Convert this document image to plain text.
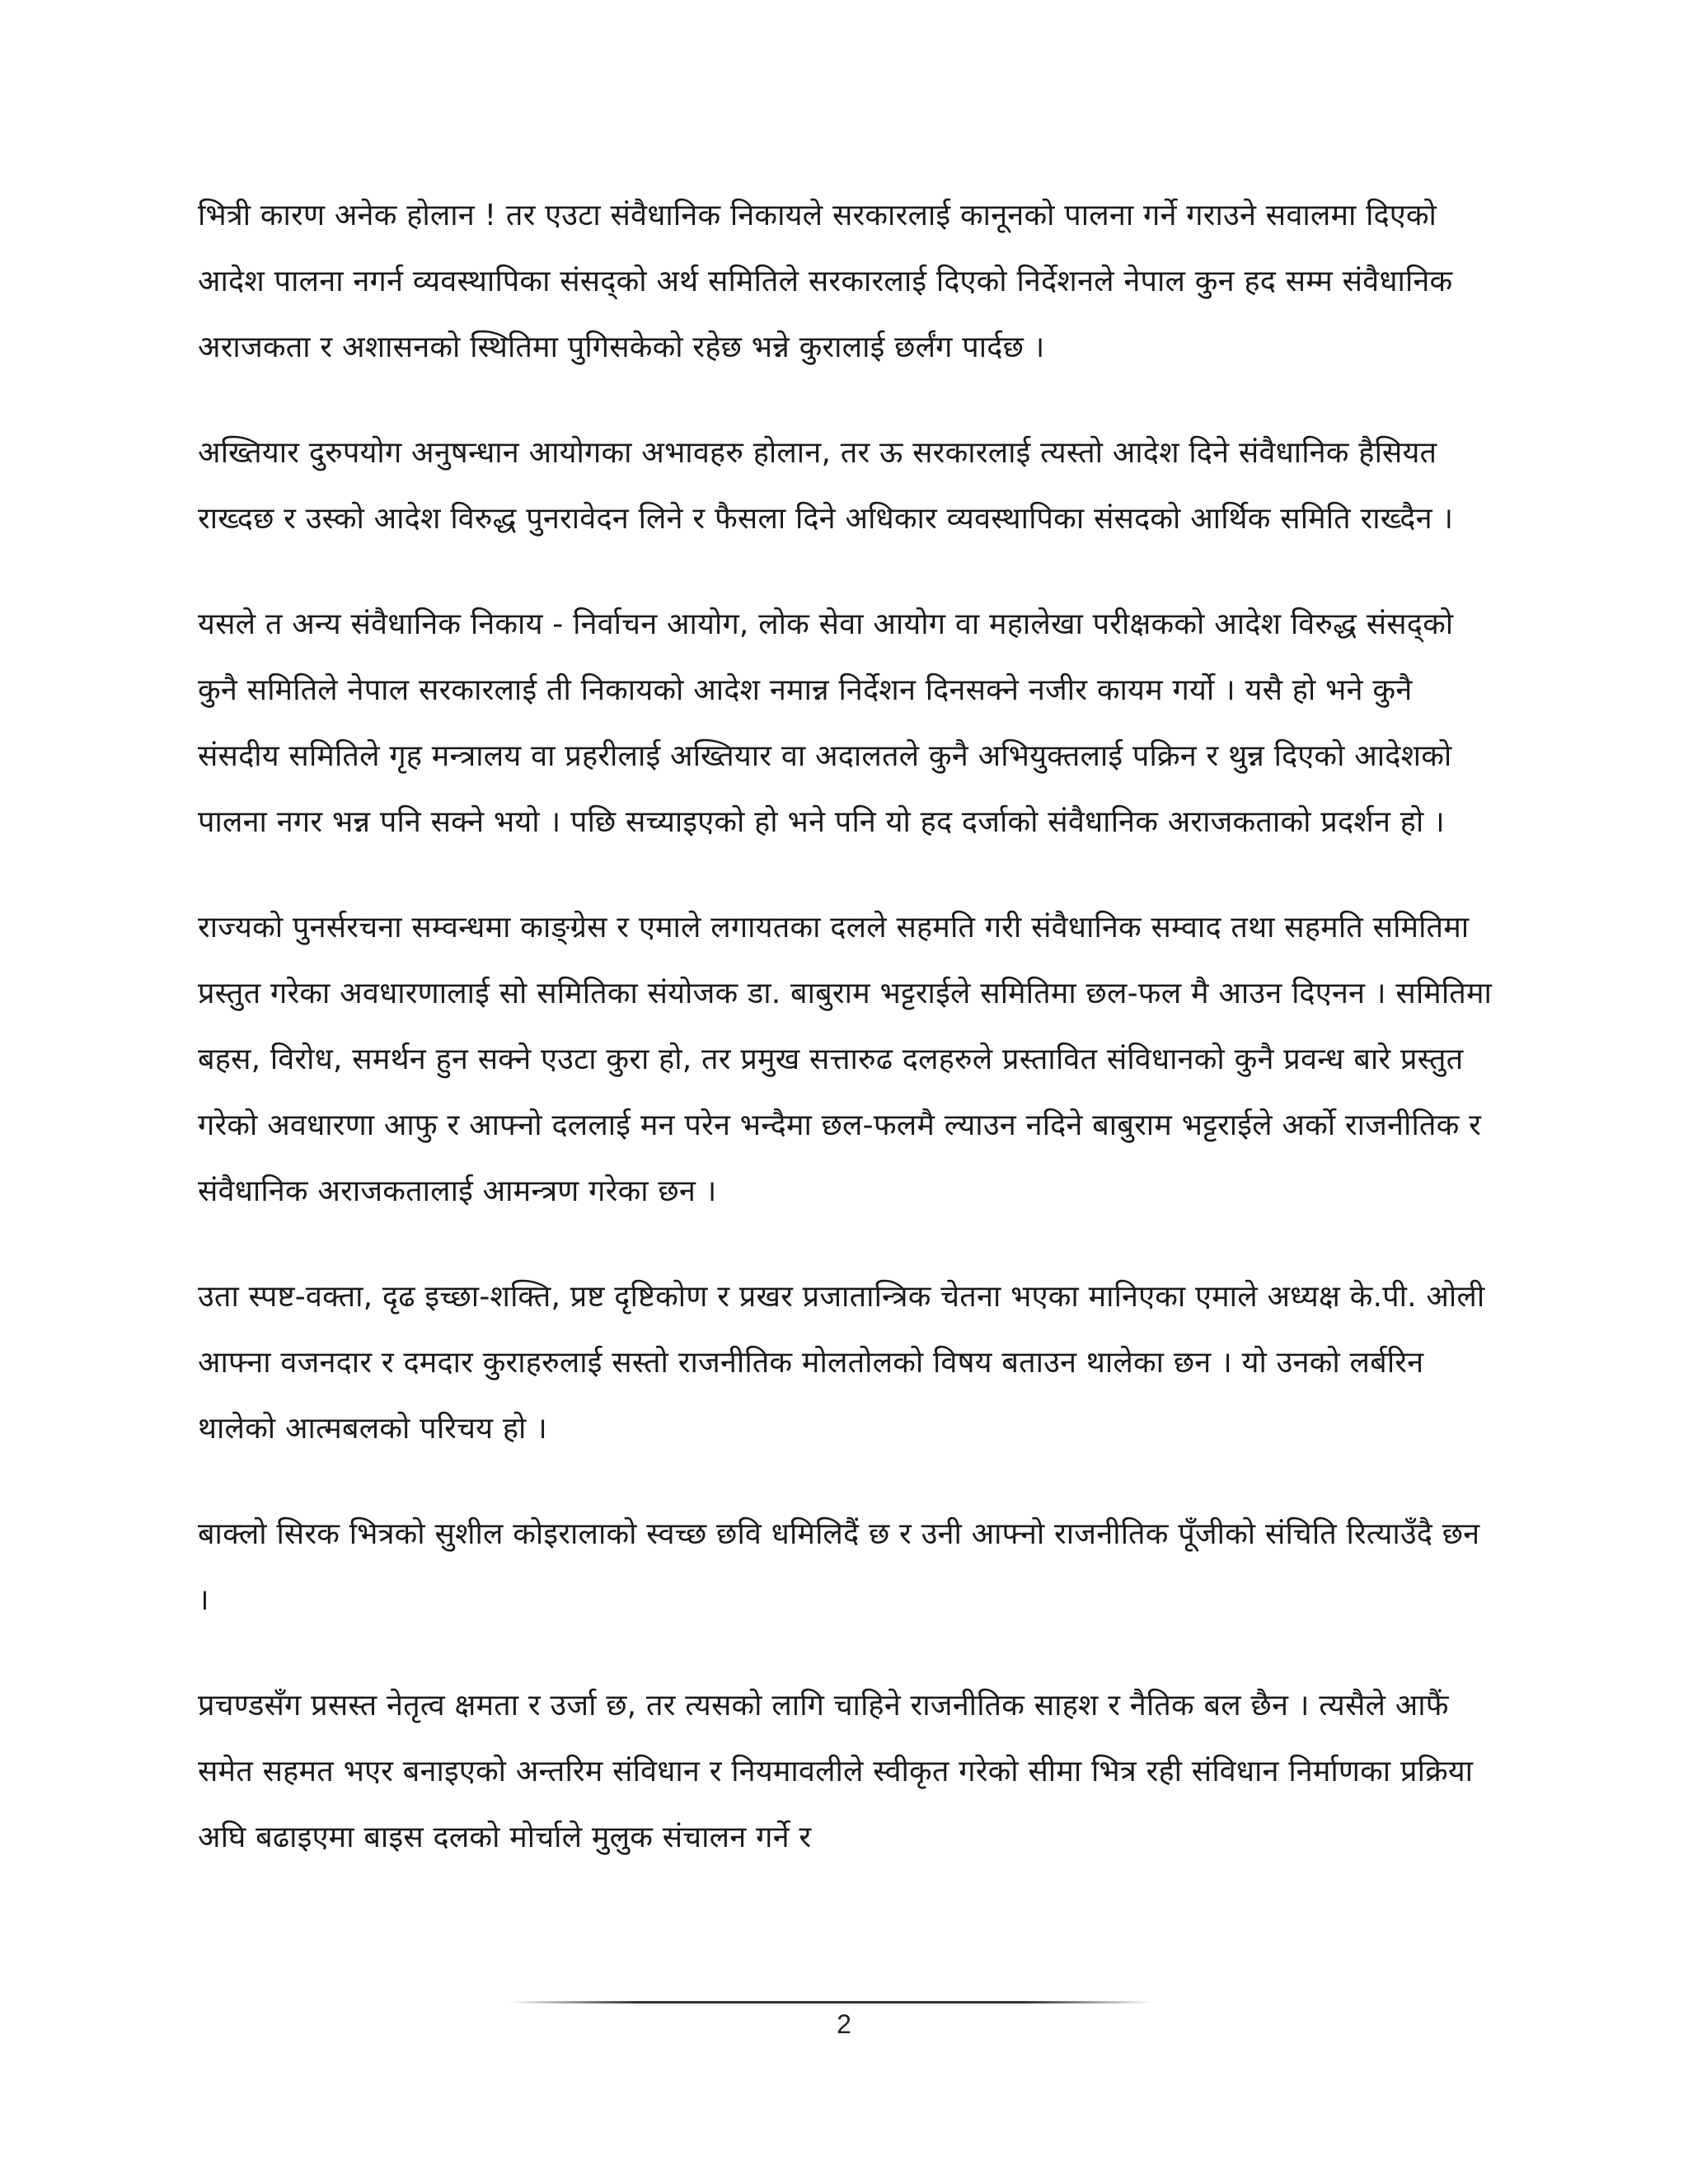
भित्री कारण अनेक होलान ! तर एउटा संवैधानिक निकायले सरकारलाई कानूनको पालना गर्ने गराउने सवालमा दिएको आदेश पालना नगर्न व्यवस्थापिका संसद्को अर्थ समितिले सरकारलाई दिएको निर्देशनले नेपाल कुन हद सम्म संवैधानिक अराजकता र अशासनको स्थितिमा पुगिसकेको रहेछ भन्ने कुरालाई छर्लंग पार्दछ ।

अख्तियार दुरुपयोग अनुषन्धान आयोगका अभावहरु होलान, तर ऊ सरकारलाई त्यस्तो आदेश दिने संवैधानिक हैसियत राख्दछ र उस्को आदेश विरुद्ध पुनरावेदन लिने र फैसला दिने अधिकार व्यवस्थापिका संसदको आर्थिक समिति राख्दैन ।

यसले त अन्य संवैधानिक निकाय - निर्वाचन आयोग, लोक सेवा आयोग वा महालेखा परीक्षकको आदेश विरुद्ध संसद्को कुनै समितिले नेपाल सरकारलाई ती निकायको आदेश नमान्न निर्देशन दिनसक्ने नजीर कायम गर्यो । यसै हो भने कुनै संसदीय समितिले गृह मन्त्रालय वा प्रहरीलाई अख्तियार वा अदालतले कुनै अभियुक्तलाई पक्रिन र थुन्न दिएको आदेशको पालना नगर भन्न पनि सक्ने भयो । पछि सच्याइएको हो भने पनि यो हद दर्जाको संवैधानिक अराजकताको प्रदर्शन हो ।

राज्यको पुनर्सरचना सम्वन्धमा काङ्ग्रेस र एमाले लगायतका दलले सहमति गरी संवैधानिक सम्वाद तथा सहमति समितिमा प्रस्तुत गरेका अवधारणालाई सो समितिका संयोजक डा. बाबुराम भट्टराईले समितिमा छल-फल मै आउन दिएनन । समितिमा बहस, विरोध, समर्थन हुन सक्ने एउटा कुरा हो, तर प्रमुख सत्तारुढ दलहरुले प्रस्तावित संविधानको कुनै प्रवन्ध बारे प्रस्तुत गरेको अवधारणा आफु र आफ्नो दललाई मन परेन भन्दैमा छल-फलमै ल्याउन नदिने बाबुराम भट्टराईले अर्को राजनीतिक र संवैधानिक अराजकतालाई आमन्त्रण गरेका छन ।

उता स्पष्ट-वक्ता, दृढ इच्छा-शक्ति, प्रष्ट दृष्टिकोण र प्रखर प्रजातान्त्रिक चेतना भएका मानिएका एमाले अध्यक्ष के.पी. ओली आफ्ना वजनदार र दमदार कुराहरुलाई सस्तो राजनीतिक मोलतोलको विषय बताउन थालेका छन । यो उनको लर्बरिन थालेको आत्मबलको परिचय हो ।

बाक्लो सिरक भित्रको सुशील कोइरालाको स्वच्छ छवि धमिलिदैं छ र उनी आफ्नो राजनीतिक पूँजीको संचिति रित्याउँदै छन ।

प्रचण्डसँग प्रसस्त नेतृत्व क्षमता र उर्जा छ, तर त्यसको लागि चाहिने राजनीतिक साहश र नैतिक बल छैन । त्यसैले आफैं समेत सहमत भएर बनाइएको अन्तरिम संविधान र नियमावलीले स्वीकृत गरेको सीमा भित्र रही संविधान निर्माणका प्रक्रिया अघि बढाइएमा बाइस दलको मोर्चाले मुलुक संचालन गर्ने र

2
